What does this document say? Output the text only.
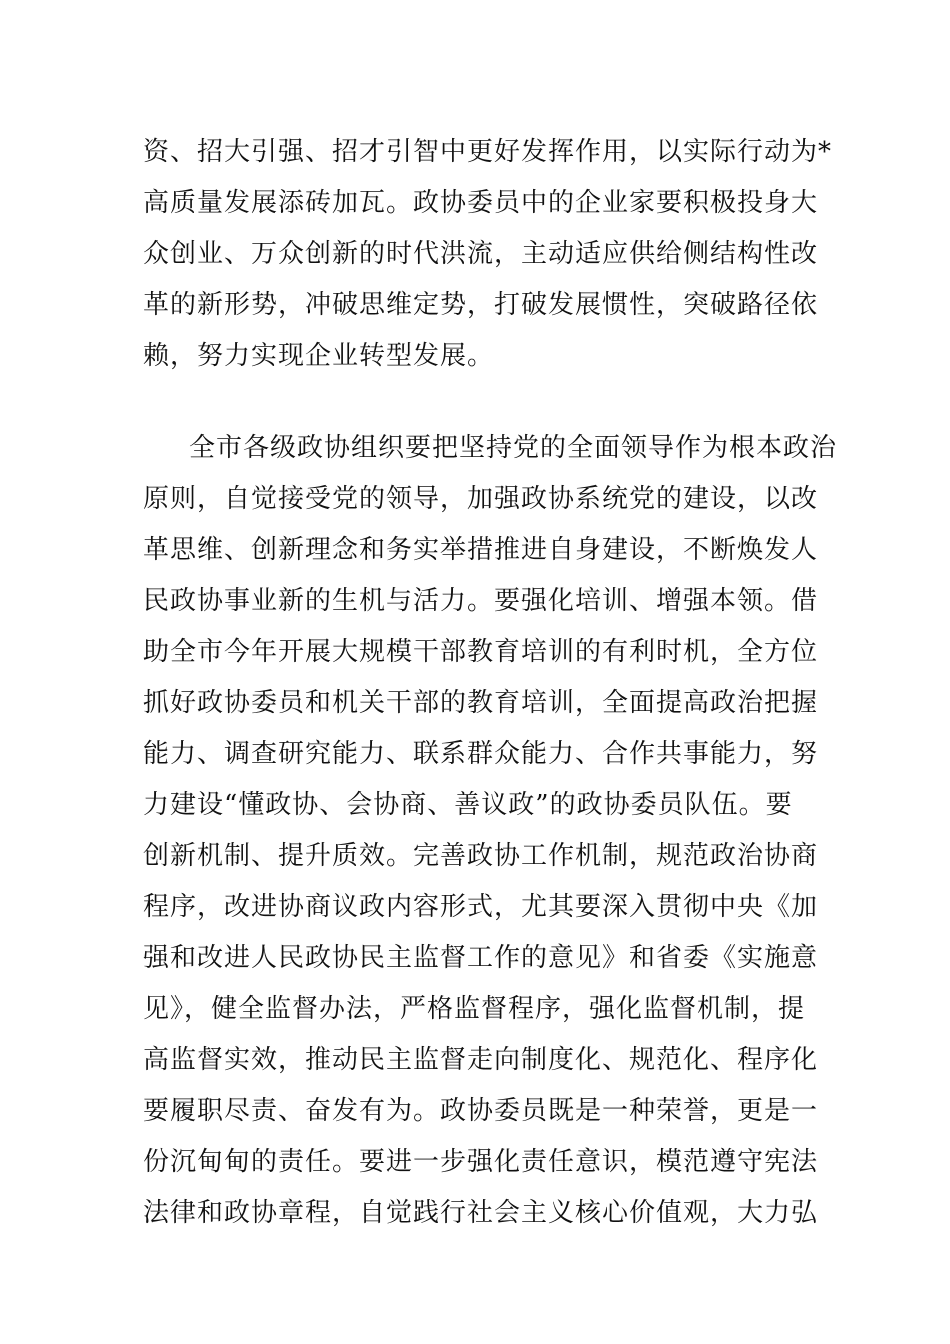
资、招大引强、招才引智中更好发挥作用，以实际行动为*
高质量发展添砖加瓦。政协委员中的企业家要积极投身大
众创业、万众创新的时代洪流，主动适应供给侧结构性改
革的新形势，冲破思维定势，打破发展惯性，突破路径依
赖，努力实现企业转型发展。
全市各级政协组织要把坚持党的全面领导作为根本政治
原则，自觉接受党的领导，加强政协系统党的建设，以改
革思维、创新理念和务实举措推进自身建设，不断焕发人
民政协事业新的生机与活力。要强化培训、增强本领。借
助全市今年开展大规模干部教育培训的有利时机，全方位
抓好政协委员和机关干部的教育培训，全面提高政治把握
能力、调查研究能力、联系群众能力、合作共事能力，努
力建设“懂政协、会协商、善议政”的政协委员队伍。要
创新机制、提升质效。完善政协工作机制，规范政治协商
程序，改进协商议政内容形式，尤其要深入贯彻中央《加
强和改进人民政协民主监督工作的意见》和省委《实施意
见》，健全监督办法，严格监督程序，强化监督机制，提
高监督实效，推动民主监督走向制度化、规范化、程序化
要履职尽责、奋发有为。政协委员既是一种荣誉，更是一
份沉甸甸的责任。要进一步强化责任意识，模范遵守宪法
法律和政协章程，自觉践行社会主义核心价值观，大力弘
